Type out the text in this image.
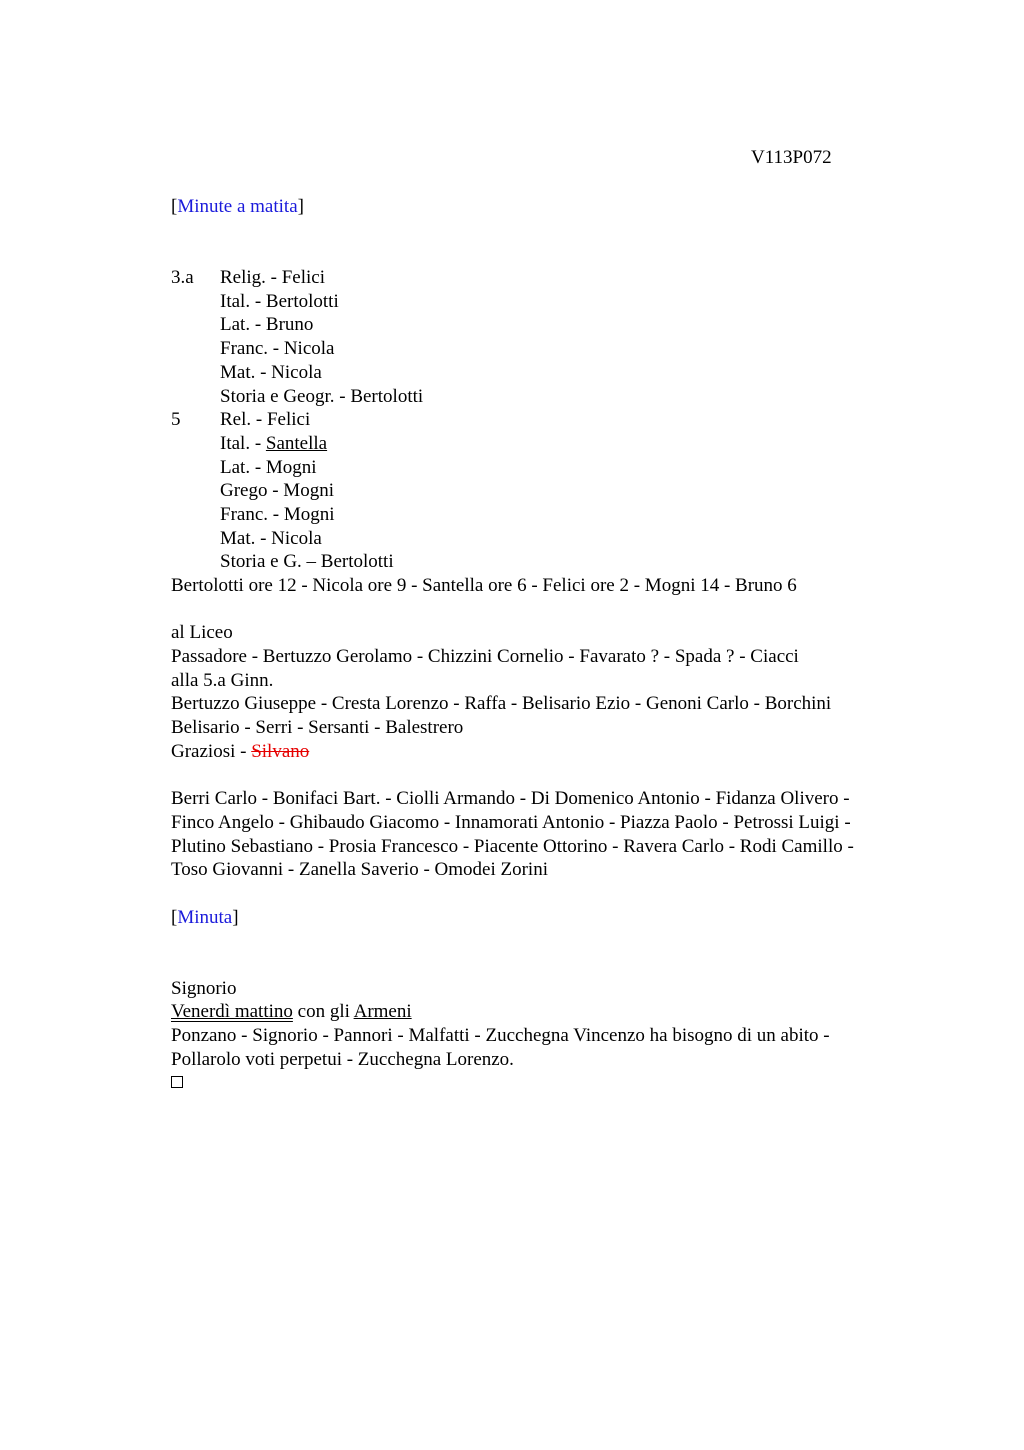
V113P072
[Minute a matita]
3.a Relig. - Felici
Ital. - Bertolotti
Lat. - Bruno
Franc. - Nicola
Mat. - Nicola
Storia e Geogr. - Bertolotti
5 Rel. - Felici
Ital. - Santella
Lat. - Mogni
Grego - Mogni
Franc. - Mogni
Mat. - Nicola
Storia e G. – Bertolotti
Bertolotti ore 12 - Nicola ore 9 - Santella ore 6 - Felici ore 2 - Mogni 14 - Bruno 6
al Liceo
Passadore - Bertuzzo Gerolamo - Chizzini Cornelio - Favarato ? - Spada ? - Ciacci
alla 5.a Ginn.
Bertuzzo Giuseppe - Cresta Lorenzo - Raffa - Belisario Ezio - Genoni Carlo - Borchini
Belisario - Serri - Sersanti - Balestrero
Graziosi - Silvano
Berri Carlo - Bonifaci Bart. - Ciolli Armando - Di Domenico Antonio - Fidanza Olivero -
Finco Angelo - Ghibaudo Giacomo - Innamorati Antonio - Piazza Paolo - Petrossi Luigi -
Plutino Sebastiano - Prosia Francesco - Piacente Ottorino - Ravera Carlo - Rodi Camillo -
Toso Giovanni - Zanella Saverio - Omodei Zorini
[Minuta]
Signorio
Venerdì mattino con gli Armeni
Ponzano - Signorio - Pannori - Malfatti - Zucchegna Vincenzo ha bisogno di un abito -
Pollarolo voti perpetui - Zucchegna Lorenzo.
